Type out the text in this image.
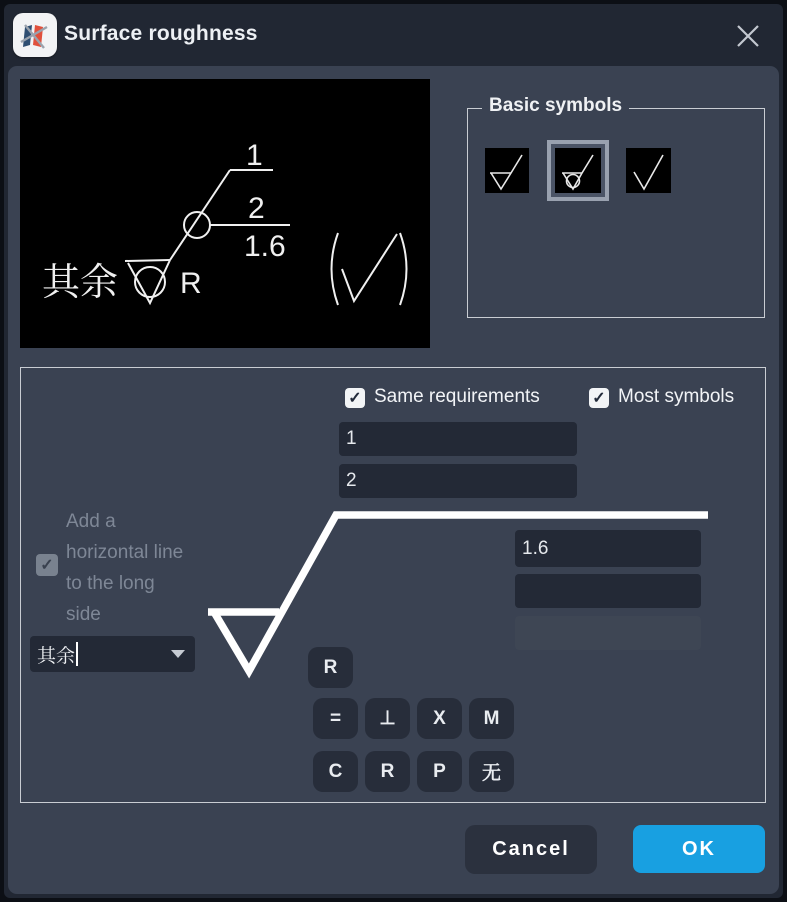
Surface roughness
其余 R
1
2
1.6
Basic symbols
✓ Same requirements	✓ Most symbols
1
2
✓
Add a horizontal line to the long side
其余
1.6
R
=	⊥	X	M
C	R	P	无
Cancel	OK
